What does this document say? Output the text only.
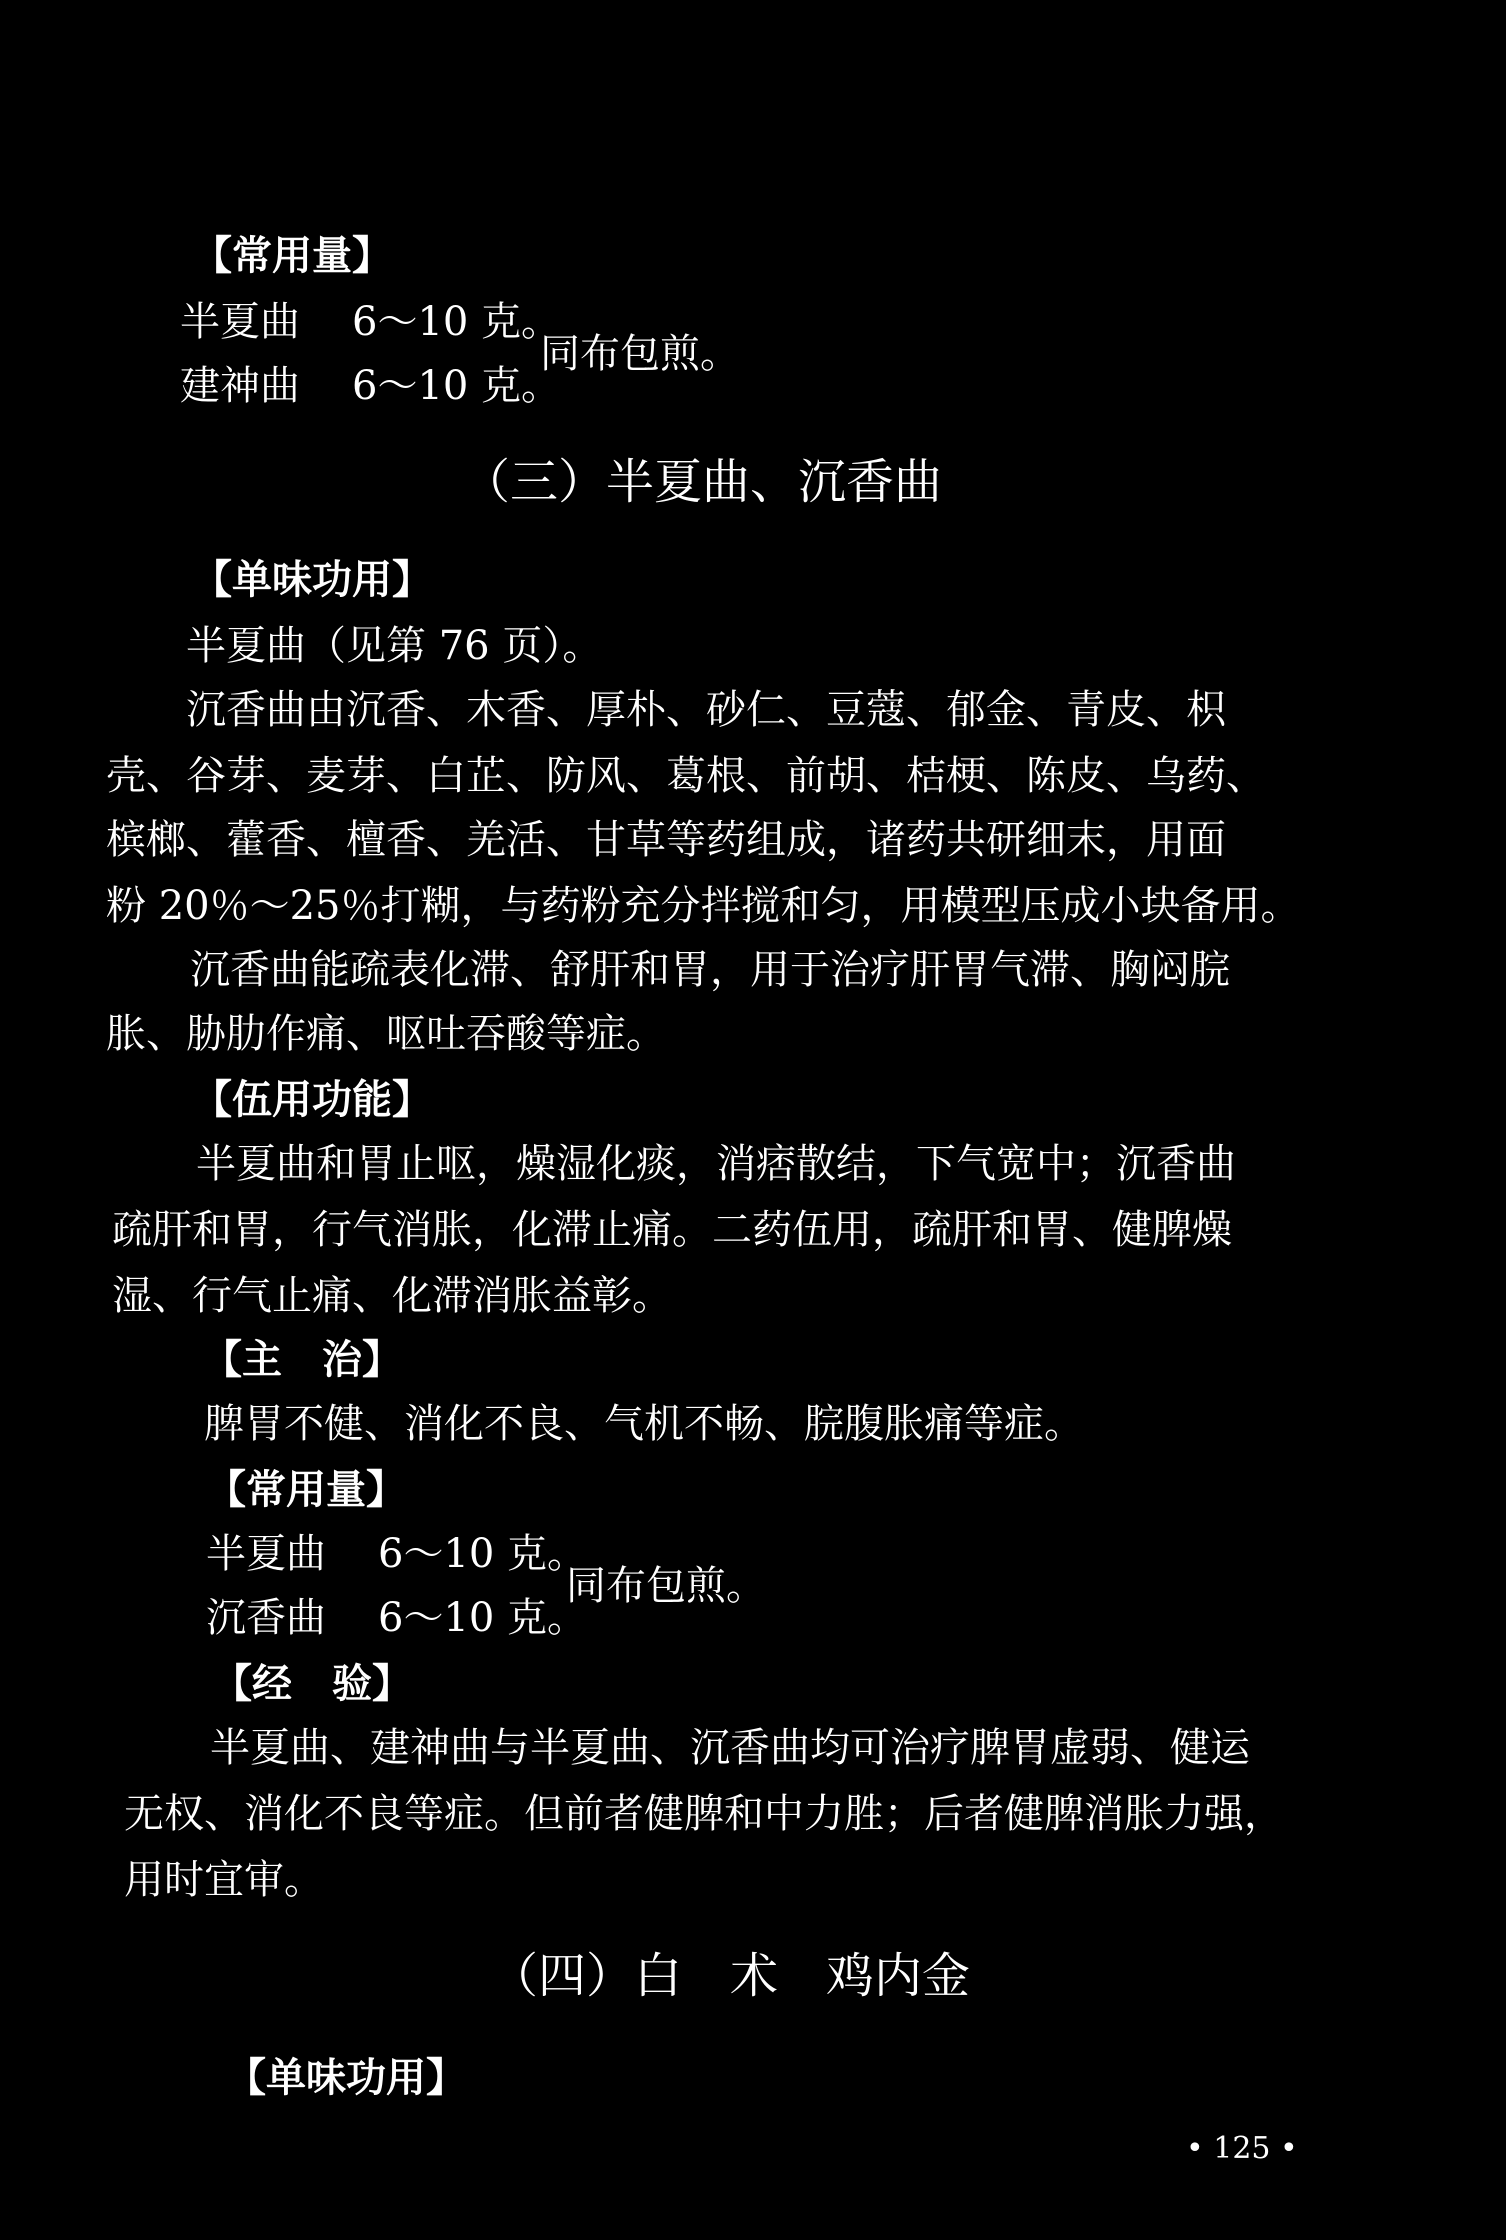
【常用量】
半夏曲 6～10 克。
建神曲 6～10 克。
同布包煎。
（三）半夏曲、沉香曲
【单味功用】
半夏曲（见第 76 页）。
沉香曲由沉香、木香、厚朴、砂仁、豆蔻、郁金、青皮、枳
壳、谷芽、麦芽、白芷、防风、葛根、前胡、桔梗、陈皮、乌药、
槟榔、藿香、檀香、羌活、甘草等药组成，诸药共研细末，用面
粉 20％～25％打糊，与药粉充分拌搅和匀，用模型压成小块备用。
沉香曲能疏表化滞、舒肝和胃，用于治疗肝胃气滞、胸闷脘
胀、胁肋作痛、呕吐吞酸等症。
【伍用功能】
半夏曲和胃止呕，燥湿化痰，消痞散结，下气宽中；沉香曲
疏肝和胃，行气消胀，化滞止痛。二药伍用，疏肝和胃、健脾燥
湿、行气止痛、化滞消胀益彰。
【主　治】
脾胃不健、消化不良、气机不畅、脘腹胀痛等症。
【常用量】
半夏曲 6～10 克。
沉香曲 6～10 克。
同布包煎。
【经　验】
半夏曲、建神曲与半夏曲、沉香曲均可治疗脾胃虚弱、健运
无权、消化不良等症。但前者健脾和中力胜；后者健脾消胀力强，
用时宜审。
（四）白　术　鸡内金
【单味功用】
• 125 •
